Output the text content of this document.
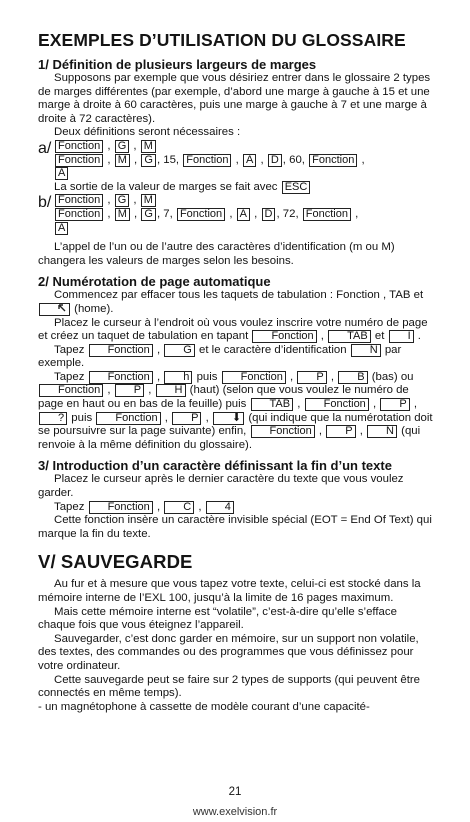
EXEMPLES D’UTILISATION DU GLOSSAIRE
1/ Définition de plusieurs largeurs de marges

Supposons par exemple que vous désiriez entrer dans le glossaire 2 types de marges différentes (par exemple, d’abord une marge à gauche à 15 et une marge à droite à 60 caractères, puis une marge à gauche à 7 et une marge à droite à 72 caractères).

Deux définitions seront nécessaires :

a/ Fonction , G , M
Fonction , M , G , 15, Fonction , A , D , 60, Fonction ,
A
La sortie de la valeur de marges se fait avec ESC
b/ Fonction , G , M
Fonction , M , G , 7, Fonction , A , D , 72, Fonction ,
A

L’appel de l’un ou de l’autre des caractères d’identification (m ou M) changera les valeurs de marges selon les besoins.

2/ Numérotation de page automatique

Commencez par effacer tous les taquets de tabulation : Fonction , TAB et  (home).

Placez le curseur à l’endroit où vous voulez inscrire votre numéro de page et créez un taquet de tabulation en tapant Fonction , TAB et I .

Tapez Fonction , G et le caractère d’identification N par exemple.

Tapez Fonction , h puis Fonction , P , B (bas) ou Fonction , P , H (haut) (selon que vous voulez le numéro de page en haut ou en bas de la feuille) puis TAB , Fonction , P , ? puis Fonction , P , ⬇ (qui indique que la numérotation doit se poursuivre sur la page suivante) enfin, Fonction , P , N (qui renvoie à la même définition du glossaire).

3/ Introduction d’un caractère définissant la fin d’un texte

Placez le curseur après le dernier caractère du texte que vous voulez garder.

Tapez Fonction , C , 4

Cette fonction insère un caractère invisible spécial (EOT = End Of Text) qui marque la fin du texte.

V/ SAUVEGARDE

Au fur et à mesure que vous tapez votre texte, celui-ci est stocké dans la mémoire interne de l’EXL 100, jusqu’à la limite de 16 pages maximum.

Mais cette mémoire interne est “volatile”, c’est-à-dire qu’elle s’efface chaque fois que vous éteignez l’appareil.

Sauvegarder, c’est donc garder en mémoire, sur un support non volatile, des textes, des commandes ou des programmes que vous définissez pour votre ordinateur.

Cette sauvegarde peut se faire sur 2 types de supports (qui peuvent être connectés en même temps).

- un magnétophone à cassette de modèle courant d’une capacité-

21
www.exelvision.fr
